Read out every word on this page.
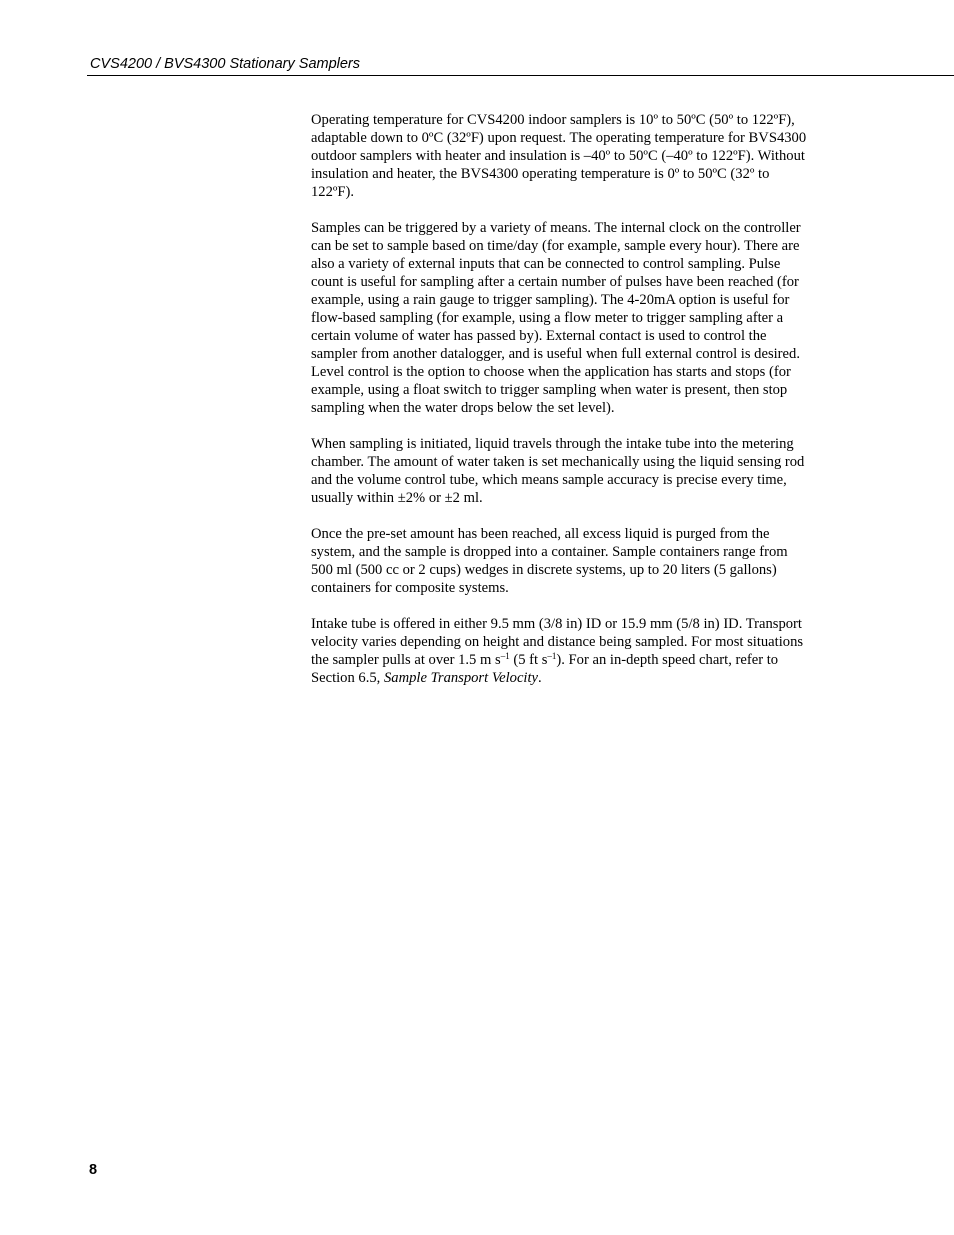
CVS4200 / BVS4300 Stationary Samplers

Operating temperature for CVS4200 indoor samplers is 10º to 50ºC (50º to 122ºF), adaptable down to 0ºC (32ºF) upon request. The operating temperature for BVS4300 outdoor samplers with heater and insulation is –40º to 50ºC (–40º to 122ºF). Without insulation and heater, the BVS4300 operating temperature is 0º to 50ºC (32º to 122ºF).

Samples can be triggered by a variety of means. The internal clock on the controller can be set to sample based on time/day (for example, sample every hour). There are also a variety of external inputs that can be connected to control sampling. Pulse count is useful for sampling after a certain number of pulses have been reached (for example, using a rain gauge to trigger sampling). The 4-20mA option is useful for flow-based sampling (for example, using a flow meter to trigger sampling after a certain volume of water has passed by). External contact is used to control the sampler from another datalogger, and is useful when full external control is desired. Level control is the option to choose when the application has starts and stops (for example, using a float switch to trigger sampling when water is present, then stop sampling when the water drops below the set level).

When sampling is initiated, liquid travels through the intake tube into the metering chamber. The amount of water taken is set mechanically using the liquid sensing rod and the volume control tube, which means sample accuracy is precise every time, usually within ±2% or ±2 ml.

Once the pre-set amount has been reached, all excess liquid is purged from the system, and the sample is dropped into a container. Sample containers range from 500 ml (500 cc or 2 cups) wedges in discrete systems, up to 20 liters (5 gallons) containers for composite systems.

Intake tube is offered in either 9.5 mm (3/8 in) ID or 15.9 mm (5/8 in) ID. Transport velocity varies depending on height and distance being sampled. For most situations the sampler pulls at over 1.5 m $s^{-1}$ (5 ft $s^{-1}$). For an in-depth speed chart, refer to Section 6.5, Sample Transport Velocity.

8
